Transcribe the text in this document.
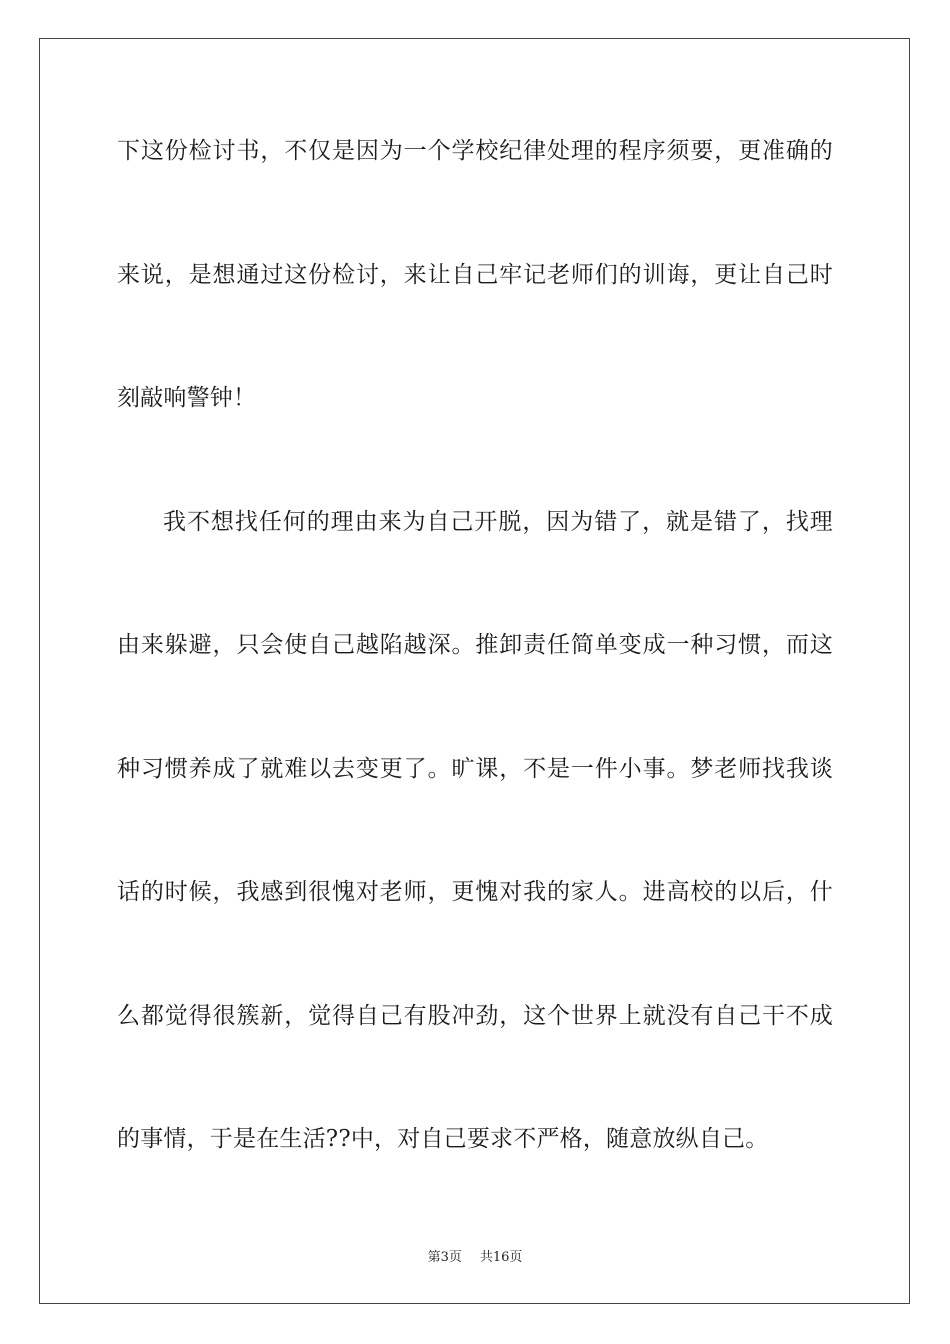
下这份检讨书，不仅是因为一个学校纪律处理的程序须要，更准确的
来说，是想通过这份检讨，来让自己牢记老师们的训诲，更让自己时
刻敲响警钟！
我不想找任何的理由来为自己开脱，因为错了，就是错了，找理
由来躲避，只会使自己越陷越深。推卸责任简单变成一种习惯，而这
种习惯养成了就难以去变更了。旷课，不是一件小事。梦老师找我谈
话的时候，我感到很愧对老师，更愧对我的家人。进高校的以后，什
么都觉得很簇新，觉得自己有股冲劲，这个世界上就没有自己干不成
的事情，于是在生活??中，对自己要求不严格，随意放纵自己。
第3页 共16页
